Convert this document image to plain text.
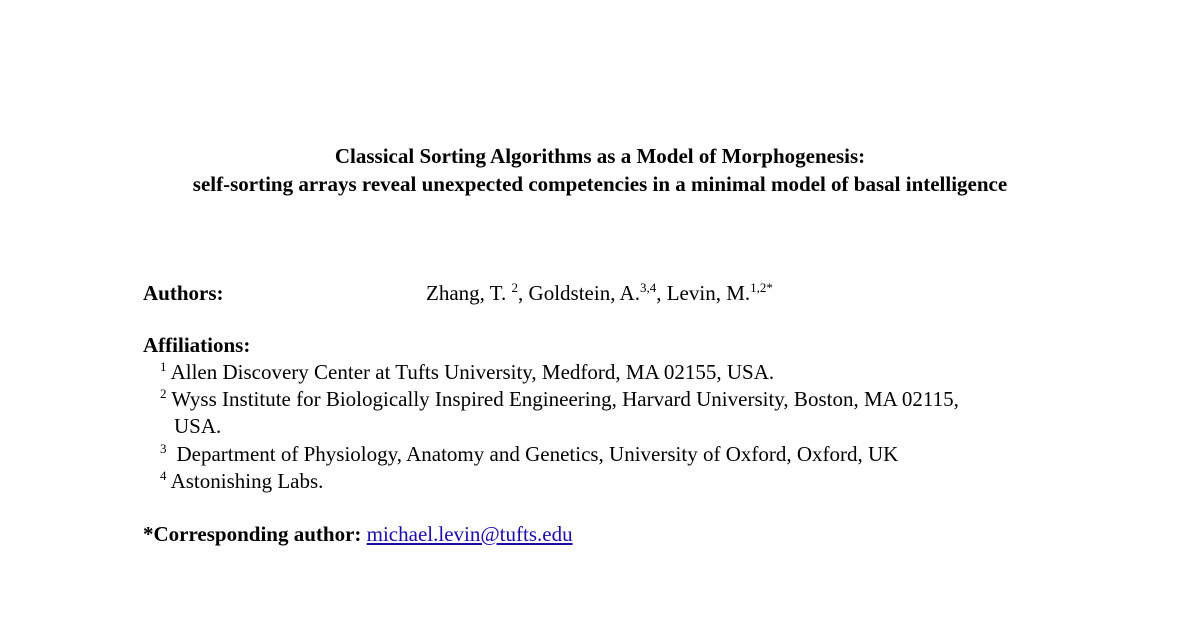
Classical Sorting Algorithms as a Model of Morphogenesis:
self-sorting arrays reveal unexpected competencies in a minimal model of basal intelligence
Authors:	Zhang, T. $^2$, Goldstein, A.$^{3,4}$, Levin, M.$^{1,2*}$
Affiliations:
$^1$ Allen Discovery Center at Tufts University, Medford, MA 02155, USA.
$^2$ Wyss Institute for Biologically Inspired Engineering, Harvard University, Boston, MA 02115,
USA.
$^3$ Department of Physiology, Anatomy and Genetics, University of Oxford, Oxford, UK
$^4$ Astonishing Labs.
*Corresponding author: michael.levin@tufts.edu
